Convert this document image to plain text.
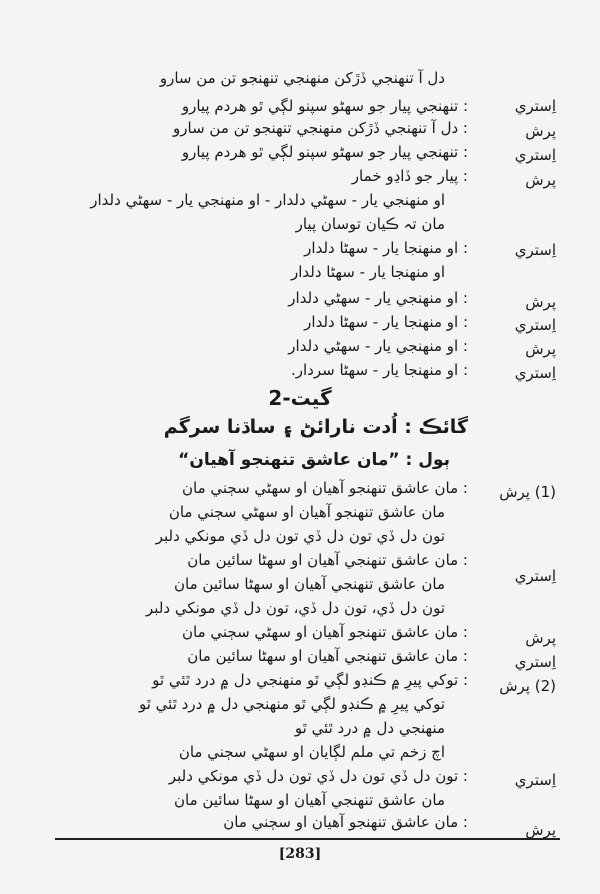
دل آ تنهنجي ڏڙکن منهنجي تنهنجو تن من سارو
اِستري
: تنهنجي پيار جو سهڻو سپنو لڳي ٿو هردم پيارو
پرش
: دل آ تنهنجي ڏڙکن منهنجي تنهنجو تن من سارو
اِستري
: تنهنجي پيار جو سهڻو سپنو لڳي ٿو هردم پيارو
پرش
: پيار جو ڏاڍو خمار
او منهنجي يار - سهڻي دلدار - او منهنجي يار - سهڻي دلدار
مان تہ ڪيان توسان پيار
اِستري
: او منهنجا يار - سهڻا دلدار
او منهنجا يار - سهڻا دلدار
پرش
: او منهنجي يار - سهڻي دلدار
اِستري
: او منهنجا يار - سهڻا دلدار
پرش
: او منهنجي يار - سهڻي دلدار
اِستري
: او منهنجا يار - سهڻا سردار.
گيت-2
گائڪ : اُدت نارائڻ ۽ ساڌنا سرگم
ٻول : ”مان عاشق تنهنجو آهيان“
(1) پرش
: مان عاشق تنهنجو آهيان او سهڻي سڄني مان
مان عاشق تنهنجو آهيان او سهڻي سڄني مان
تون دل ڏي تون دل ڏي تون دل ڏي مونکي دلبر
اِستري
: مان عاشق تنهنجي آهيان او سهڻا سائين مان
مان عاشق تنهنجي آهيان او سهڻا سائين مان
تون دل ڏي، تون دل ڏي، تون دل ڏي مونکي دلبر
پرش
: مان عاشق تنهنجو آهيان او سهڻي سڄني مان
اِستري
: مان عاشق تنهنجي آهيان او سهڻا سائين مان
(2) پرش
: توکي پيرِ ۾ ڪنڊو لڳي ٿو منهنجي دل ۾ درد ٿئي ٿو
توکي پيرِ ۾ ڪنڊو لڳي ٿو منهنجي دل ۾ درد ٿئي ٿو
منهنجي دل ۾ درد ٿئي ٿو
اچ زخم تي ملم لڳايان او سهڻي سڄني مان
اِستري
: تون دل ڏي تون دل ڏي تون دل ڏي مونکي دلبر
مان عاشق تنهنجي آهيان او سهڻا سائين مان
پرش
: مان عاشق تنهنجو آهيان او سڄني مان
[283]
